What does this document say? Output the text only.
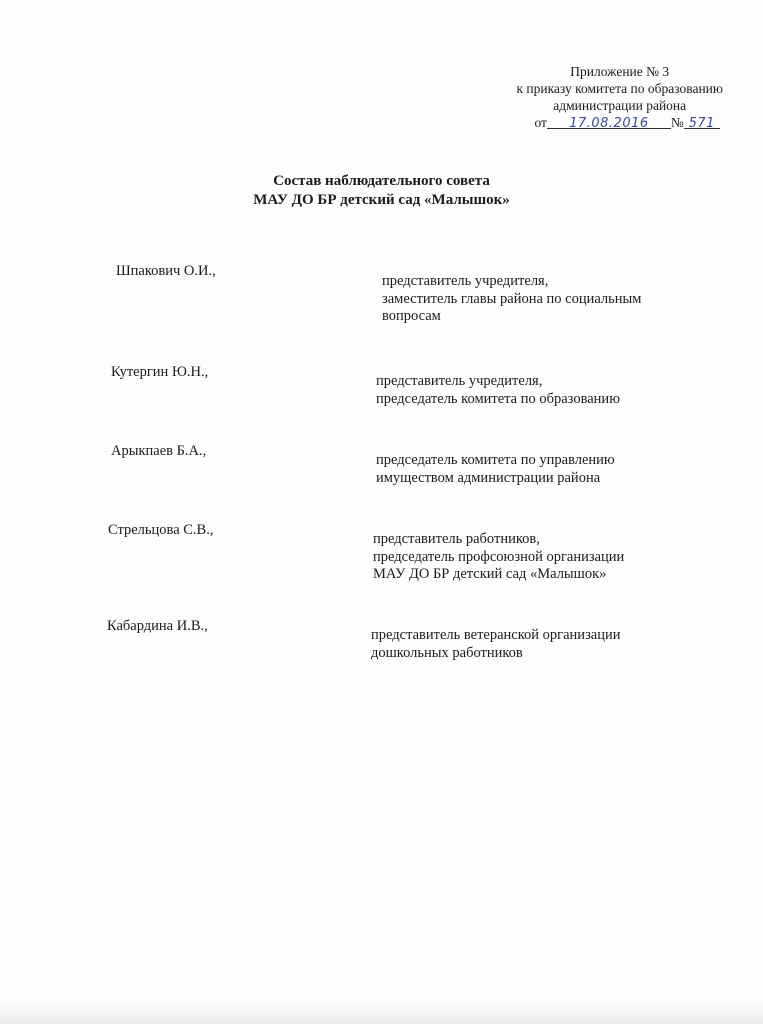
Приложение № 3
к приказу комитета по образованию
администрации района
от 17.08.2016 № 571
Состав наблюдательного совета
МАУ ДО БР детский сад «Малышок»
Шпакович О.И.,
представитель учредителя,
заместитель главы района по социальным
вопросам
Кутергин Ю.Н.,
представитель учредителя,
председатель комитета по образованию
Арыкпаев Б.А.,
председатель комитета по управлению
имуществом администрации района
Стрельцова С.В.,
представитель работников,
председатель профсоюзной организации
МАУ ДО БР детский сад «Малышок»
Кабардина И.В.,
представитель ветеранской организации
дошкольных работников
